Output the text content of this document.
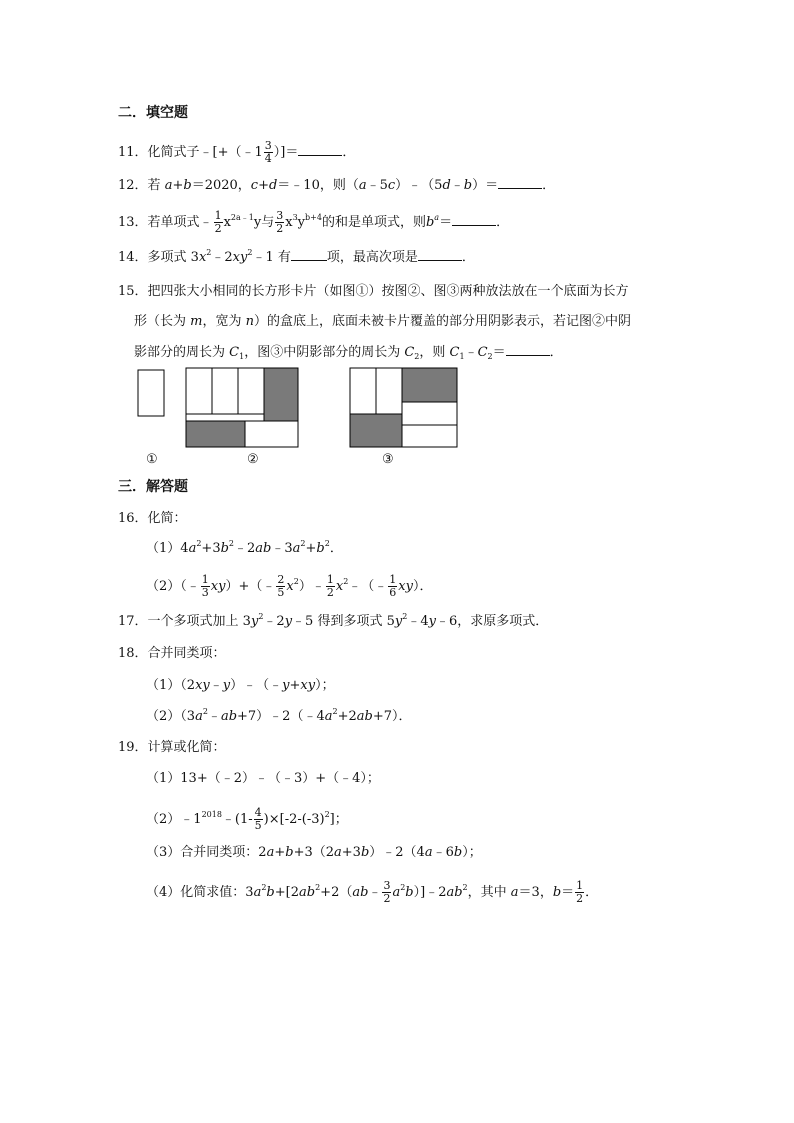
二．填空题
11．化简式子﹣[+（﹣1 $\frac{3}{4}$ ）]＝	．
12．若 a+b＝2020，c+d＝﹣10，则（a﹣5c）﹣（5d﹣b）＝	．
13．若单项式﹣ $\frac{1}{2} x^{2a﹣1}y$与 $\frac{3}{2} x^3y^{b+4}$的和是单项式，则$b^a=$	．
14．多项式 $3x^2﹣2xy^2﹣1$ 有	项，最高次项是	．
15．把四张大小相同的长方形卡片（如图①）按图②、图③两种放法放在一个底面为长方
形（长为 m，宽为 n）的盒底上，底面未被卡片覆盖的部分用阴影表示，若记图②中阴
影部分的周长为 $C_1$，图③中阴影部分的周长为 $C_2$，则 $C_1﹣C_2=$	．
①	②	③
三．解答题
16．化简：
$(1)4a^2+3b^2﹣2ab﹣3a^2+b^2$．
（2）（﹣ $\frac{1}{3}$ xy）+（﹣ $\frac{2}{5}$ $x^2)﹣ \frac{1}{2}$ $x^2﹣(﹣ \frac{1}{6} xy)$．
17．一个多项式加上 $3y^2﹣2y﹣5$ 得到多项式 $5y^2﹣4y﹣6$，求原多项式．
18．合并同类项：
（1）（2xy﹣y）﹣（﹣y+xy）；
$(2)(3a^2﹣ab+7)﹣2(﹣4a^2+2ab+7)$．
19．计算或化简：
（1）13+（﹣2）﹣（﹣3）+（﹣4）；
$(2)﹣1^{2018}﹣(1- \frac{4}{5} )\times[-2-(-3)^2]$；
（3）合并同类项：2a+b+3（2a+3b）﹣2（4a﹣6b）；
（4）化简求值：$3a^2b+[2ab^2+2(ab﹣ \frac{3}{2}$ $a^2b)]﹣2ab^2$，其中 a＝3，$b= \frac{1}{2}$ ．
